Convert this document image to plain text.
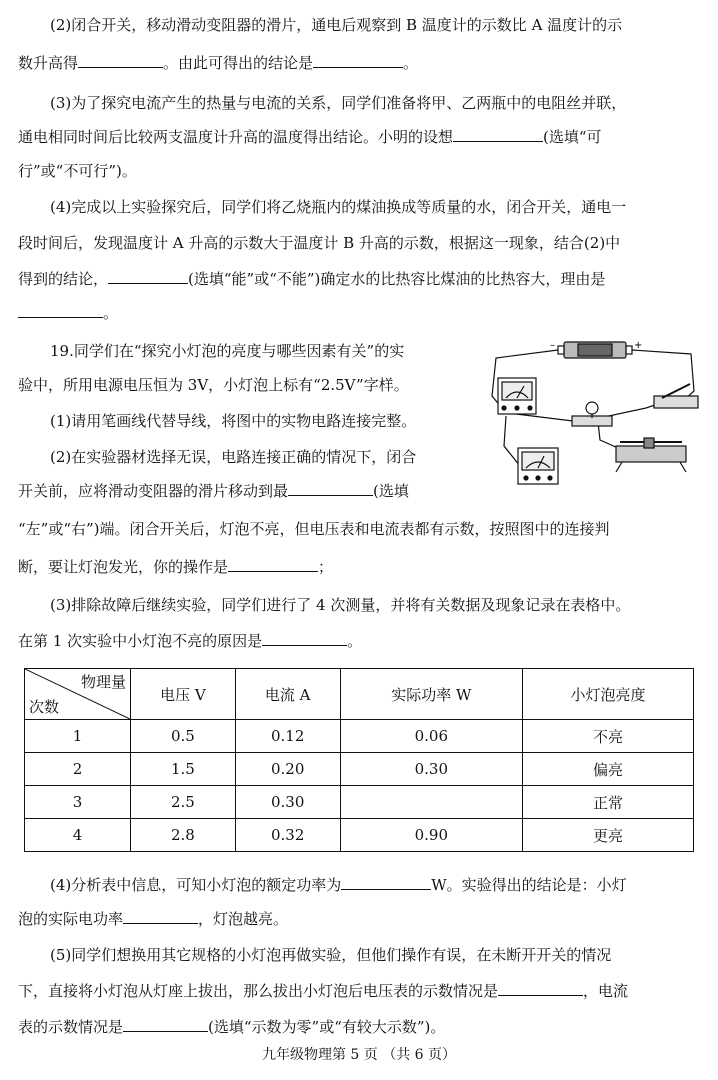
(2)闭合开关，移动滑动变阻器的滑片，通电后观察到 B 温度计的示数比 A 温度计的示
数升高得	。由此可得出的结论是	。
(3)为了探究电流产生的热量与电流的关系，同学们准备将甲、乙两瓶中的电阻丝并联，
通电相同时间后比较两支温度计升高的温度得出结论。小明的设想	(选填“可
行”或“不可行”)。
(4)完成以上实验探究后，同学们将乙烧瓶内的煤油换成等质量的水，闭合开关，通电一
段时间后，发现温度计 A 升高的示数大于温度计 B 升高的示数，根据这一现象，结合(2)中
得到的结论，	(选填“能”或“不能”)确定水的比热容比煤油的比热容大，理由是
。
19.同学们在“探究小灯泡的亮度与哪些因素有关”的实
验中，所用电源电压恒为 3V，小灯泡上标有“2.5V”字样。
(1)请用笔画线代替导线，将图中的实物电路连接完整。
(2)在实验器材选择无误，电路连接正确的情况下，闭合
开关前，应将滑动变阻器的滑片移动到最	(选填
“左”或“右”)端。闭合开关后，灯泡不亮，但电压表和电流表都有示数，按照图中的连接判
断，要让灯泡发光，你的操作是	；
(3)排除故障后继续实验，同学们进行了 4 次测量，并将有关数据及现象记录在表格中。
在第 1 次实验中小灯泡不亮的原因是	。
–	+
物理量
次数	电压 V	电流 A	实际功率 W	小灯泡亮度
1	0.5	0.12	0.06	不亮
2	1.5	0.20	0.30	偏亮
3	2.5	0.30		正常
4	2.8	0.32	0.90	更亮
(4)分析表中信息，可知小灯泡的额定功率为	W。实验得出的结论是：小灯
泡的实际电功率	，灯泡越亮。
(5)同学们想换用其它规格的小灯泡再做实验，但他们操作有误，在未断开开关的情况
下，直接将小灯泡从灯座上拔出，那么拔出小灯泡后电压表的示数情况是	，电流
表的示数情况是	(选填“示数为零”或“有较大示数”)。
九年级物理第 5 页 （共 6 页）
